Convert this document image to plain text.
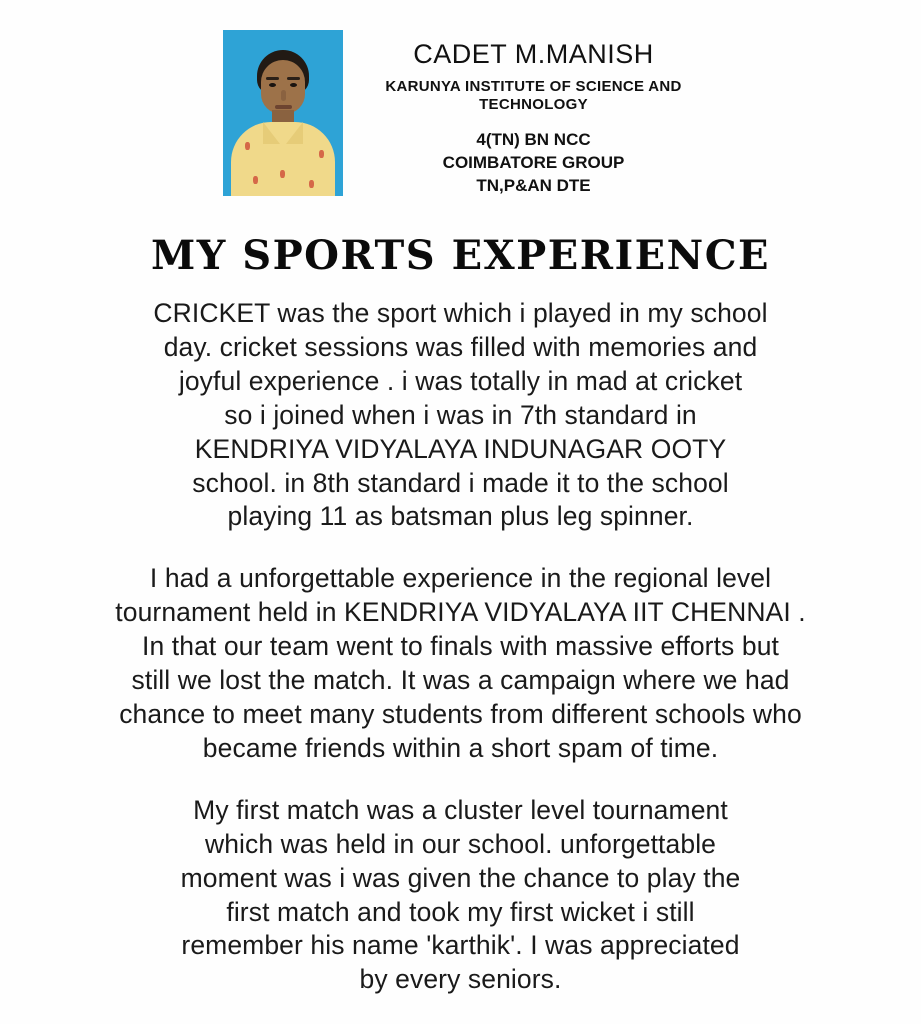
CADET M.MANISH
KARUNYA INSTITUTE OF SCIENCE AND
TECHNOLOGY
4(TN) BN NCC
COIMBATORE GROUP
TN,P&AN DTE
MY SPORTS EXPERIENCE

CRICKET was the sport which i played in my school
day. cricket sessions was filled with memories and
joyful experience . i was totally in mad at cricket
so i joined when i was in 7th standard in
KENDRIYA VIDYALAYA INDUNAGAR OOTY
school. in 8th standard i made it to the school
playing 11 as batsman plus leg spinner.

I had a unforgettable experience in the regional level
tournament held in KENDRIYA VIDYALAYA IIT CHENNAI .
In that our team went to finals with massive efforts but
still we lost the match. It was a campaign where we had
chance to meet many students from different schools who
became friends within a short spam of time.

My first match was a cluster level tournament
which was held in our school. unforgettable
moment was i was given the chance to play the
first match and took my first wicket i still
remember his name 'karthik'. I was appreciated
by every seniors.
